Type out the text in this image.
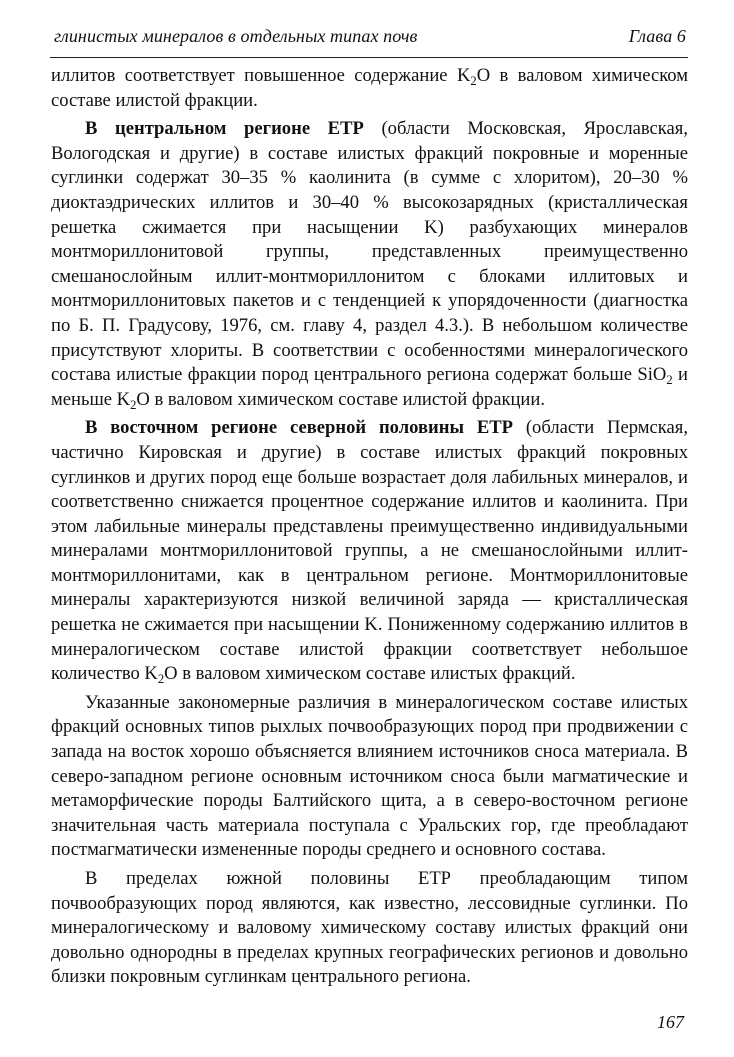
глинистых минералов в отдельных типах почв	Глава 6

иллитов соответствует повышенное содержание $K_2O$ в валовом химическом составе илистой фракции.

В центральном регионе ЕТР (области Московская, Ярославская, Вологодская и другие) в составе илистых фракций покровные и моренные суглинки содержат 30–35 % каолинита (в сумме с хлоритом), 20–30 % диоктаэдрических иллитов и 30–40 % высокозарядных (кристаллическая решетка сжимается при насыщении K) разбухающих минералов монтмориллонитовой группы, представленных преимущественно смешанослойным иллит-монтмориллонитом с блоками иллитовых и монтмориллонитовых пакетов и с тенденцией к упорядоченности (диагностка по Б. П. Градусову, 1976, см. главу 4, раздел 4.3.). В небольшом количестве присутствуют хлориты. В соответствии с особенностями минералогического состава илистые фракции пород центрального региона содержат больше SiO$_2$ и меньше $K_2O$ в валовом химическом составе илистой фракции.

В восточном регионе северной половины ЕТР (области Пермская, частично Кировская и другие) в составе илистых фракций покровных суглинков и других пород еще больше возрастает доля лабильных минералов, и соответственно снижается процентное содержание иллитов и каолинита. При этом лабильные минералы представлены преимущественно индивидуальными минералами монтмориллонитовой группы, а не смешанослойными иллит-монтмориллонитами, как в центральном регионе. Монтмориллонитовые минералы характеризуются низкой величиной заряда — кристаллическая решетка не сжимается при насыщении K. Пониженному содержанию иллитов в минералогическом составе илистой фракции соответствует небольшое количество $K_2O$ в валовом химическом составе илистых фракций.

Указанные закономерные различия в минералогическом составе илистых фракций основных типов рыхлых почвообразующих пород при продвижении с запада на восток хорошо объясняется влиянием источников сноса материала. В северо-западном регионе основным источником сноса были магматические и метаморфические породы Балтийского щита, а в северо-восточном регионе значительная часть материала поступала с Уральских гор, где преобладают постмагматически измененные породы среднего и основного состава.

В пределах южной половины ЕТР преобладающим типом почвообразующих пород являются, как известно, лессовидные суглинки. По минералогическому и валовому химическому составу илистых фракций они довольно однородны в пределах крупных географических регионов и довольно близки покровным суглинкам центрального региона.

167
